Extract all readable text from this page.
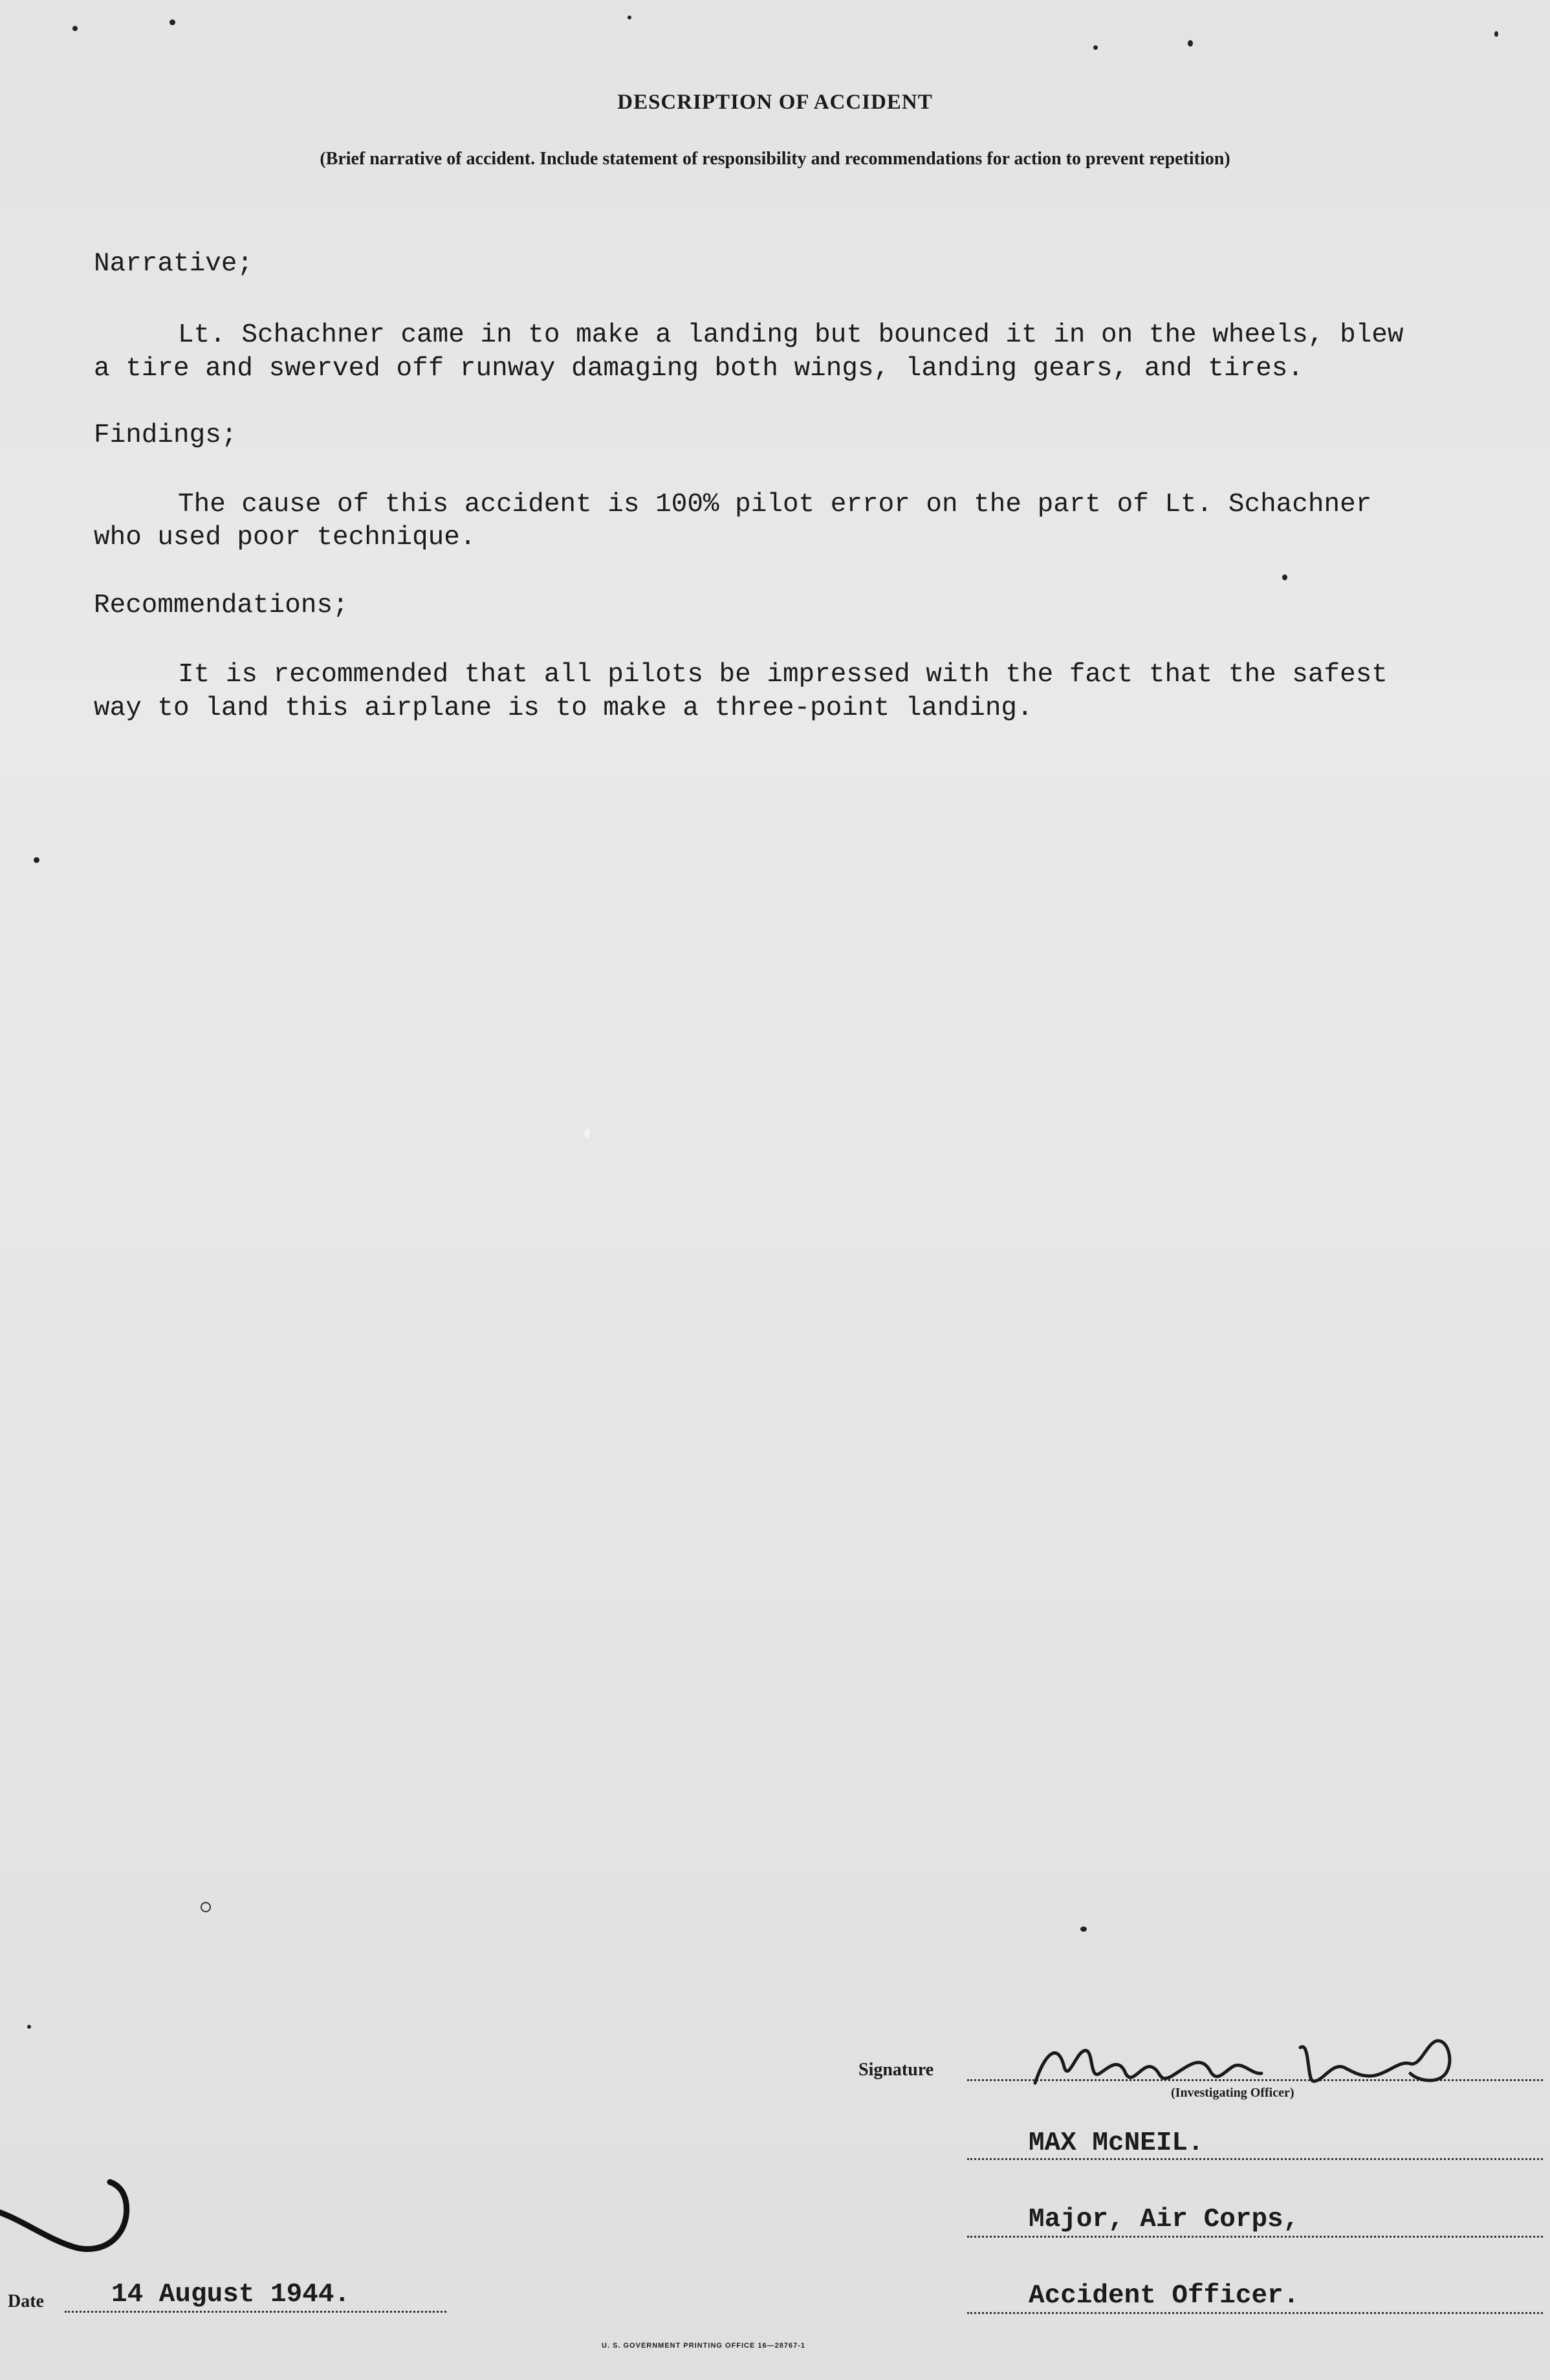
DESCRIPTION OF ACCIDENT
(Brief narrative of accident. Include statement of responsibility and recommendations for action to prevent repetition)
Narrative;
Lt. Schachner came in to make a landing but bounced it in on the wheels, blew
a tire and swerved off runway damaging both wings, landing gears, and tires.
Findings;
The cause of this accident is 100% pilot error on the part of Lt. Schachner
who used poor technique.
Recommendations;
It is recommended that all pilots be impressed with the fact that the safest
way to land this airplane is to make a three-point landing.
Signature
(Investigating Officer)
MAX McNEIL.
Major, Air Corps,
Accident Officer.
Date	14 August 1944.
U. S. GOVERNMENT PRINTING OFFICE 16—28767-1
